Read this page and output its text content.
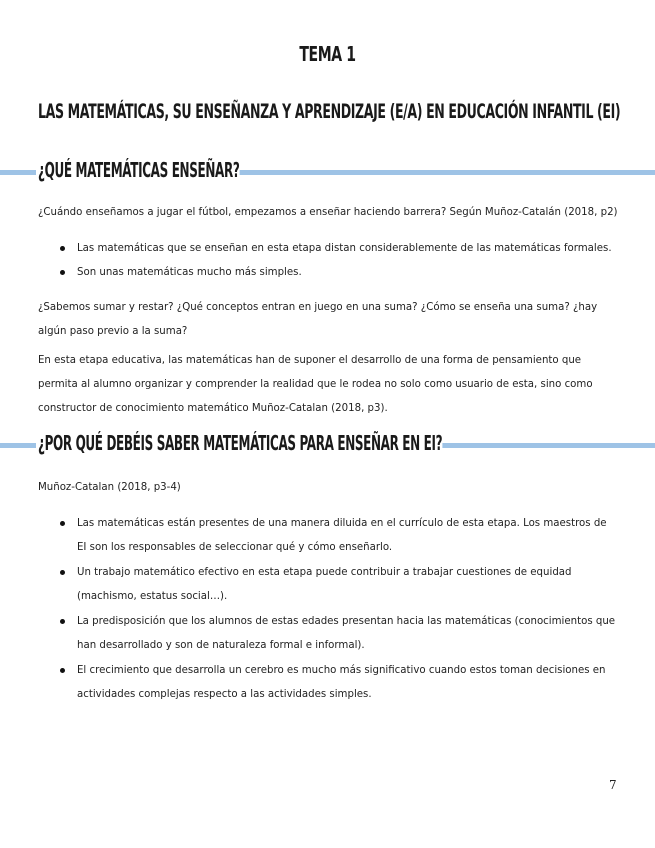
TEMA 1
LAS MATEMÁTICAS, SU ENSEÑANZA Y APRENDIZAJE (E/A) EN EDUCACIÓN INFANTIL (EI)
¿QUÉ MATEMÁTICAS ENSEÑAR?
¿Cuándo enseñamos a jugar el fútbol, empezamos a enseñar haciendo barrera? Según Muñoz-Catalán (2018, p2)
Las matemáticas que se enseñan en esta etapa distan considerablemente de las matemáticas formales.
Son unas matemáticas mucho más simples.
¿Sabemos sumar y restar? ¿Qué conceptos entran en juego en una suma? ¿Cómo se enseña una suma? ¿hay algún paso previo a la suma?
En esta etapa educativa, las matemáticas han de suponer el desarrollo de una forma de pensamiento que permita al alumno organizar y comprender la realidad que le rodea no solo como usuario de esta, sino como constructor de conocimiento matemático Muñoz-Catalan (2018, p3).
¿POR QUÉ DEBÉIS SABER MATEMÁTICAS PARA ENSEÑAR EN EI?
Muñoz-Catalan (2018, p3-4)
Las matemáticas están presentes de una manera diluida en el currículo de esta etapa. Los maestros de EI son los responsables de seleccionar qué y cómo enseñarlo.
Un trabajo matemático efectivo en esta etapa puede contribuir a trabajar cuestiones de equidad (machismo, estatus social…).
La predisposición que los alumnos de estas edades presentan hacia las matemáticas (conocimientos que han desarrollado y son de naturaleza formal e informal).
El crecimiento que desarrolla un cerebro es mucho más significativo cuando estos toman decisiones en actividades complejas respecto a las actividades simples.
7
